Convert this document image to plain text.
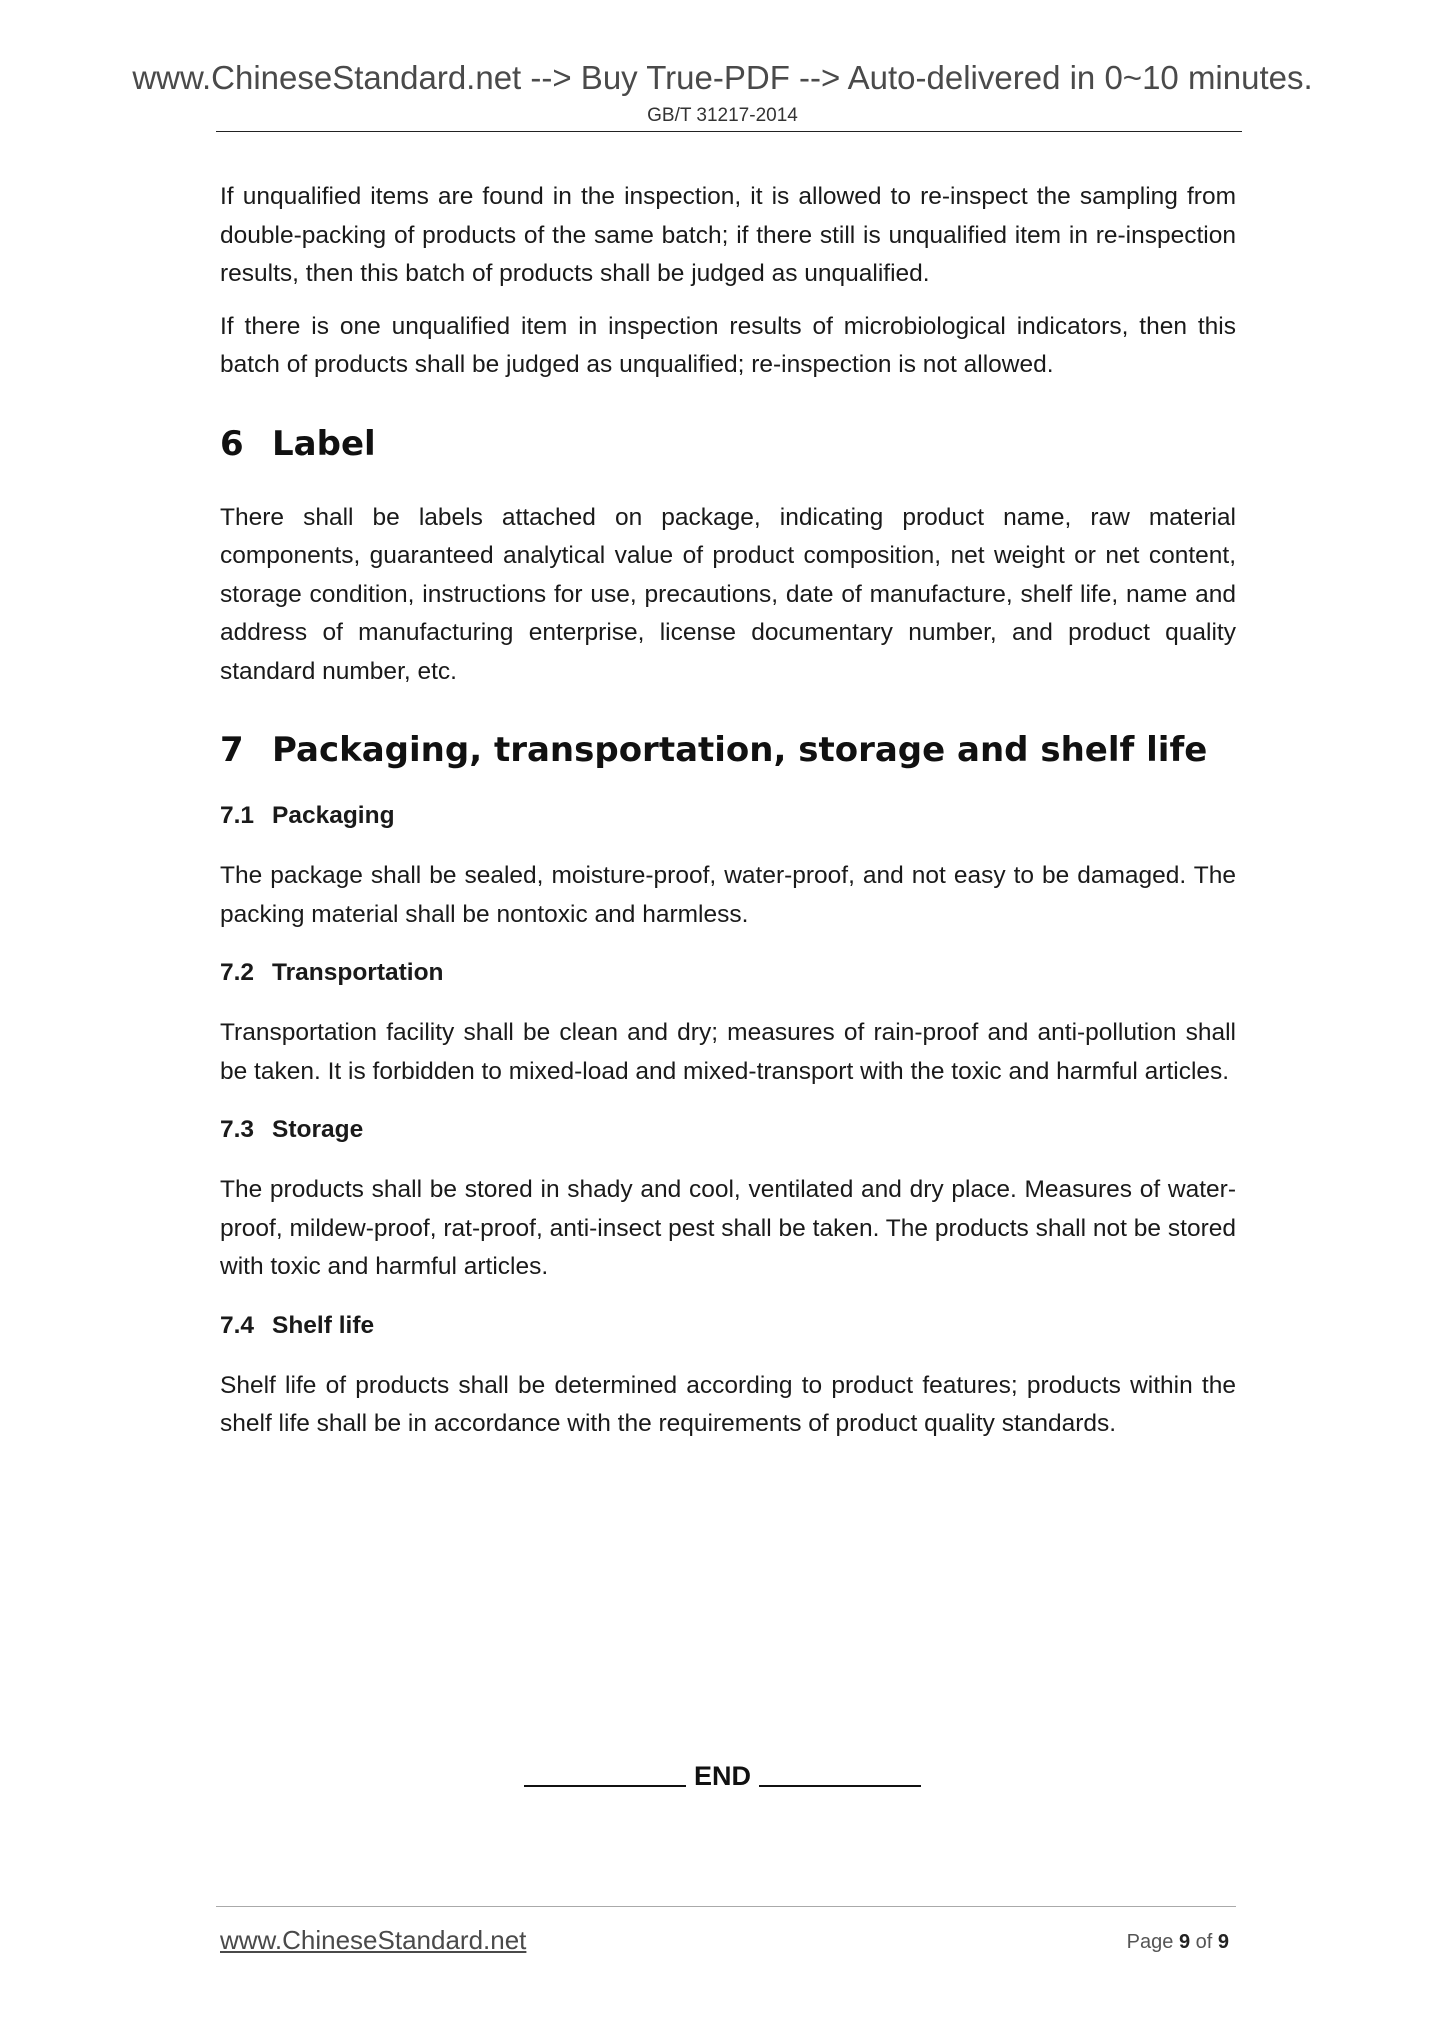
www.ChineseStandard.net --> Buy True-PDF --> Auto-delivered in 0~10 minutes.
GB/T 31217-2014

If unqualified items are found in the inspection, it is allowed to re-inspect the sampling from double-packing of products of the same batch; if there still is unqualified item in re-inspection results, then this batch of products shall be judged as unqualified.

If there is one unqualified item in inspection results of microbiological indicators, then this batch of products shall be judged as unqualified; re-inspection is not allowed.

6 Label

There shall be labels attached on package, indicating product name, raw material components, guaranteed analytical value of product composition, net weight or net content, storage condition, instructions for use, precautions, date of manufacture, shelf life, name and address of manufacturing enterprise, license documentary number, and product quality standard number, etc.

7 Packaging, transportation, storage and shelf life
7.1 Packaging

The package shall be sealed, moisture-proof, water-proof, and not easy to be damaged. The packing material shall be nontoxic and harmless.

7.2 Transportation

Transportation facility shall be clean and dry; measures of rain-proof and anti-pollution shall be taken. It is forbidden to mixed-load and mixed-transport with the toxic and harmful articles.

7.3 Storage

The products shall be stored in shady and cool, ventilated and dry place. Measures of water-proof, mildew-proof, rat-proof, anti-insect pest shall be taken. The products shall not be stored with toxic and harmful articles.

7.4 Shelf life

Shelf life of products shall be determined according to product features; products within the shelf life shall be in accordance with the requirements of product quality standards.

END
www.ChineseStandard.net	Page 9 of 9
